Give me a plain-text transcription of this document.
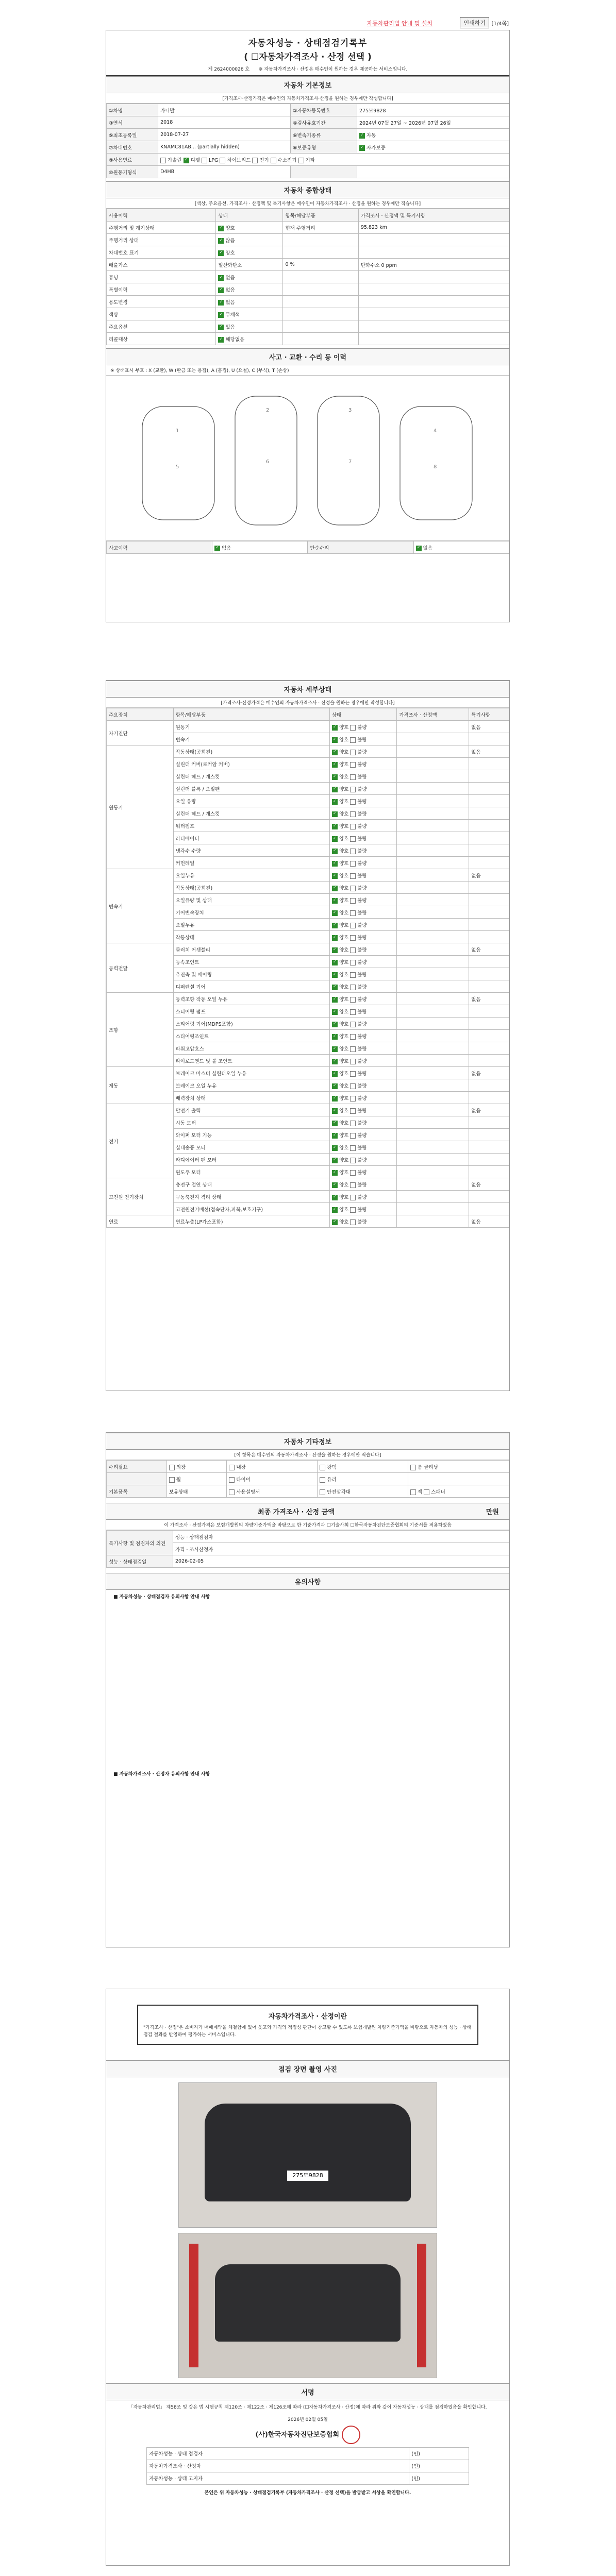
자동차관리법 안내 및 설치	인쇄하기	[1/4쪽]
자동차성능 · 상태점검기록부
( ☐자동차가격조사 · 산정 선택 )
제 2624000026 호 ※ 자동차가격조사 · 산정은 매수인이 원하는 경우 제공하는 서비스입니다.
자동차 기본정보
[가격조사·산정가격은 매수인의 자동차가격조사·산정을 원하는 경우에만 작성합니다]
①차명	카니발	②자동차등록번호	275모9828
③연식	2018	④검사유효기간	2024년 07월 27일 ~ 2026년 07월 26일
⑤최초등록일	2018-07-27	⑥변속기종류	✓자동
⑦차대번호	KNAMC81AB... (partially hidden)	⑧보증유형	✓자가보증
⑨사용연료	가솔린 ✓ 디젤 LPG 하이브리드 전기 수소전기 기타
⑩원동기형식	D4HB		
자동차 종합상태
[색상, 주요옵션, 가격조사 · 산정액 및 특기사항은 매수인이 자동차가격조사 · 산정을 원하는 경우에만 적습니다]
사용이력	상태	항목/해당부품	가격조사 · 산정액 및 특기사항
주행거리 및 계기상태	✓양호	현재 주행거리	95,823 km
주행거리 상태	✓많음		
차대번호 표기	✓양호		
배출가스	일산화탄소	0 %	탄화수소 0 ppm
튜닝	✓없음		
특별이력	✓없음		
용도변경	✓없음		
색상	✓무채색		
주요옵션	✓있음		
리콜대상	✓해당없음		
사고 · 교환 · 수리 등 이력
※ 상태표시 부호 : X (교환), W (판금 또는 용접), A (흠집), U (요철), C (부식), T (손상)
1
2	3
4
5
6	7
8
사고이력	✓없음	단순수리	✓없음
자동차 세부상태
[가격조사·산정가격은 매수인의 자동차가격조사 · 산정을 원하는 경우에만 작성합니다]
주요장치	항목/해당부품	상태	가격조사 · 산정액	특기사항
자기진단	원동기	✓양호 불량		없음
	변속기	✓양호 불량		
원동기	작동상태(공회전)	✓양호 불량		없음
	실린더 커버(로커암 커버)	✓양호 불량		
	실린더 헤드 / 개스킷	✓양호 불량		
	실린더 블록 / 오일팬	✓양호 불량		
	오일 유량	✓양호 불량		
	실린더 헤드 / 개스킷	✓양호 불량		
	워터펌프	✓양호 불량		
	라디에이터	✓양호 불량		
	냉각수 수량	✓양호 불량		
	커먼레일	✓양호 불량		
변속기	오일누유	✓양호 불량		없음
	작동상태(공회전)	✓양호 불량		
	오일유량 및 상태	✓양호 불량		
	기어변속장치	✓양호 불량		
	오일누유	✓양호 불량		
	작동상태	✓양호 불량		
동력전달	클러치 어셈블리	✓양호 불량		없음
	등속조인트	✓양호 불량		
	추진축 및 베어링	✓양호 불량		
	디퍼렌셜 기어	✓양호 불량		
조향	동력조향 작동 오일 누유	✓양호 불량		없음
	스티어링 펌프	✓양호 불량		
	스티어링 기어(MDPS포함)	✓양호 불량		
	스티어링조인트	✓양호 불량		
	파워고압호스	✓양호 불량		
	타이로드엔드 및 볼 조인트	✓양호 불량		
제동	브레이크 마스터 실린더오일 누유	✓양호 불량		없음
	브레이크 오일 누유	✓양호 불량		
	배력장치 상태	✓양호 불량		
전기	발전기 출력	✓양호 불량		없음
	시동 모터	✓양호 불량		
	와이퍼 모터 기능	✓양호 불량		
	실내송풍 모터	✓양호 불량		
	라디에이터 팬 모터	✓양호 불량		
	윈도우 모터	✓양호 불량		
고전원 전기장치	충전구 절연 상태	✓양호 불량		없음
	구동축전지 격리 상태	✓양호 불량		
	고전원전기배선(접속단자,피복,보호기구)	✓양호 불량		
연료	연료누출(LP가스포함)	✓양호 불량		없음
자동차 기타정보
[이 항목은 매수인의 자동차가격조사 · 산정을 원하는 경우에만 적습니다]
수리필요	외장	내장	광택	룸 클리닝
	휠	타이어	유리	
기본품목	보유상태	사용설명서	안전삼각대	잭 스패너
최종 가격조사 · 산정 금액	만원
이 가격조사 · 산정가격은 보험개발원의 차량기준가액을 바탕으로 한 기준가격과 ☐기술사회 ☐한국자동차진단보증협회의 기준서를 적용하였음
특기사항 및 점검자의 의견	성능 · 상태점검자
	가격 · 조사산정자
성능 · 상태점검일	2026-02-05
유의사항
■ 자동차성능 · 상태점검자 유의사항 안내 사항
■ 자동차가격조사 · 산정자 유의사항 안내 사항
자동차가격조사 · 산정이란
"가격조사 · 산정"은 소비자가 매매계약을 체결함에 있어 웃고와 가격의 적정성 판단이 참고할 수 있도록 보험개발원 차량기준가액을 바탕으로 자동차의 성능 · 상태점검 결과를 반영하여 평가하는 서비스입니다.
점검 장면 촬영 사진
275모9828
서명
「자동차관리법」 제58조 및 같은 법 시행규칙 제120조 · 제122조 · 제126조에 따라 (☐자동차가격조사 · 산정)에 따라 위와 같이 자동차성능 · 상태를 점검하였음을 확인합니다.
2026년 02월 05일
(사)한국자동차진단보증협회
자동차성능 · 상태 점검자	(인)
자동차가격조사 · 산정자	(인)
자동차성능 · 상태 고지자	(인)
본인은 위 자동차성능 · 상태점검기록부 (자동차가격조사 · 산정 선택)을 발급받고 서상을 확인합니다.
